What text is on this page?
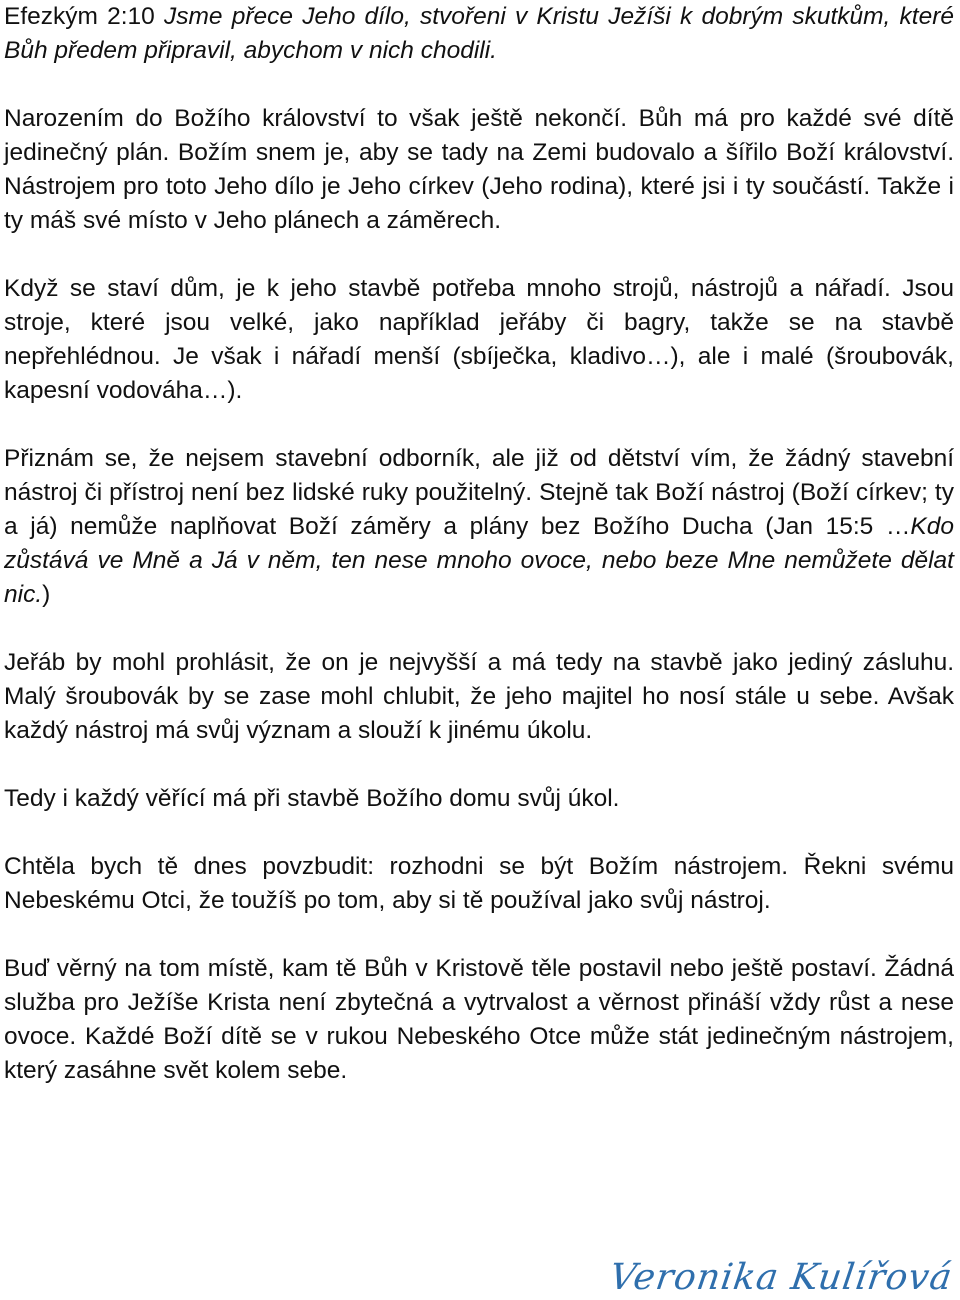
Efezkým 2:10 Jsme přece Jeho dílo, stvořeni v Kristu Ježíši k dobrým skutkům, které Bůh předem připravil, abychom v nich chodili.

Narozením do Božího království to však ještě nekončí. Bůh má pro každé své dítě jedinečný plán. Božím snem je, aby se tady na Zemi budovalo a šířilo Boží království. Nástrojem pro toto Jeho dílo je Jeho církev (Jeho rodina), které jsi i ty součástí. Takže i ty máš své místo v Jeho plánech a záměrech.

Když se staví dům, je k jeho stavbě potřeba mnoho strojů, nástrojů a nářadí. Jsou stroje, které jsou velké, jako například jeřáby či bagry, takže se na stavbě nepřehlédnou. Je však i nářadí menší (sbíječka, kladivo…), ale i malé (šroubovák, kapesní vodováha…).

Přiznám se, že nejsem stavební odborník, ale již od dětství vím, že žádný stavební nástroj či přístroj není bez lidské ruky použitelný. Stejně tak Boží nástroj (Boží církev; ty a já) nemůže naplňovat Boží záměry a plány bez Božího Ducha (Jan 15:5 …Kdo zůstává ve Mně a Já v něm, ten nese mnoho ovoce, nebo beze Mne nemůžete dělat nic.)

Jeřáb by mohl prohlásit, že on je nejvyšší a má tedy na stavbě jako jediný zásluhu. Malý šroubovák by se zase mohl chlubit, že jeho majitel ho nosí stále u sebe. Avšak každý nástroj má svůj význam a slouží k jinému úkolu.

Tedy i každý věřící má při stavbě Božího domu svůj úkol.

Chtěla bych tě dnes povzbudit: rozhodni se být Božím nástrojem. Řekni svému Nebeskému Otci, že toužíš po tom, aby si tě používal jako svůj nástroj.

Buď věrný na tom místě, kam tě Bůh v Kristově těle postavil nebo ještě postaví. Žádná služba pro Ježíše Krista není zbytečná a vytrvalost a věrnost přináší vždy růst a nese ovoce. Každé Boží dítě se v rukou Nebeského Otce může stát jedinečným nástrojem, který zasáhne svět kolem sebe.

Veronika Kulířová
